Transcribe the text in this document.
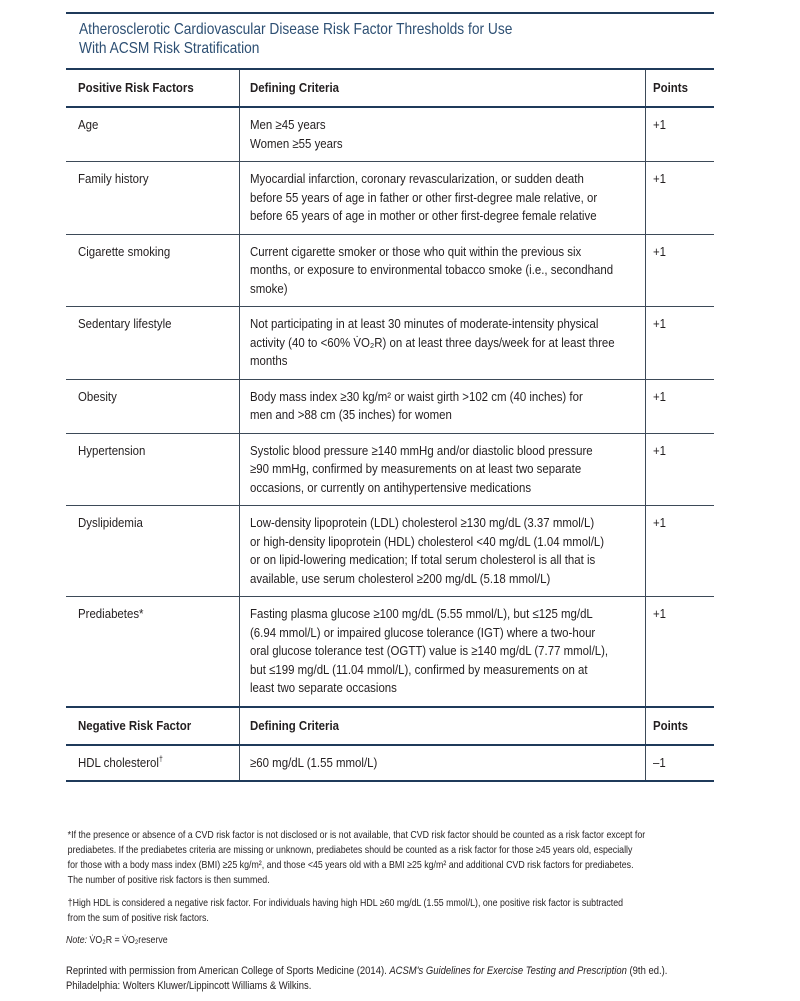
Atherosclerotic Cardiovascular Disease Risk Factor Thresholds for Use
With ACSM Risk Stratification
Positive Risk Factors	Defining Criteria	Points

Age	Men ≥45 years
Women ≥55 years	+1

Family history	Myocardial infarction, coronary revascularization, or sudden death
before 55 years of age in father or other first-degree male relative, or
before 65 years of age in mother or other first-degree female relative	+1

Cigarette smoking	Current cigarette smoker or those who quit within the previous six
months, or exposure to environmental tobacco smoke (i.e., secondhand
smoke)	+1

Sedentary lifestyle	Not participating in at least 30 minutes of moderate-intensity physical
activity (40 to <60% V̇O₂R) on at least three days/week for at least three
months	+1

Obesity	Body mass index ≥30 kg/m² or waist girth >102 cm (40 inches) for
men and >88 cm (35 inches) for women	+1

Hypertension	Systolic blood pressure ≥140 mmHg and/or diastolic blood pressure
≥90 mmHg, confirmed by measurements on at least two separate
occasions, or currently on antihypertensive medications	+1

Dyslipidemia	Low-density lipoprotein (LDL) cholesterol ≥130 mg/dL (3.37 mmol/L)
or high-density lipoprotein (HDL) cholesterol <40 mg/dL (1.04 mmol/L)
or on lipid-lowering medication; If total serum cholesterol is all that is
available, use serum cholesterol ≥200 mg/dL (5.18 mmol/L)	+1

Prediabetes*	Fasting plasma glucose ≥100 mg/dL (5.55 mmol/L), but ≤125 mg/dL
(6.94 mmol/L) or impaired glucose tolerance (IGT) where a two-hour
oral glucose tolerance test (OGTT) value is ≥140 mg/dL (7.77 mmol/L),
but ≤199 mg/dL (11.04 mmol/L), confirmed by measurements on at
least two separate occasions	+1

Negative Risk Factor	Defining Criteria	Points

HDL cholesterol†	≥60 mg/dL (1.55 mmol/L)	–1

*If the presence or absence of a CVD risk factor is not disclosed or is not available, that CVD risk factor should be counted as a risk factor except for

prediabetes. If the prediabetes criteria are missing or unknown, prediabetes should be counted as a risk factor for those ≥45 years old, especially

for those with a body mass index (BMI) ≥25 kg/m², and those <45 years old with a BMI ≥25 kg/m² and additional CVD risk factors for prediabetes.

The number of positive risk factors is then summed.

†High HDL is considered a negative risk factor. For individuals having high HDL ≥60 mg/dL (1.55 mmol/L), one positive risk factor is subtracted

from the sum of positive risk factors.

Note: V̇O₂R = V̇O₂reserve
Reprinted with permission from American College of Sports Medicine (2014). ACSM's Guidelines for Exercise Testing and Prescription (9th ed.).
Philadelphia: Wolters Kluwer/Lippincott Williams & Wilkins.
